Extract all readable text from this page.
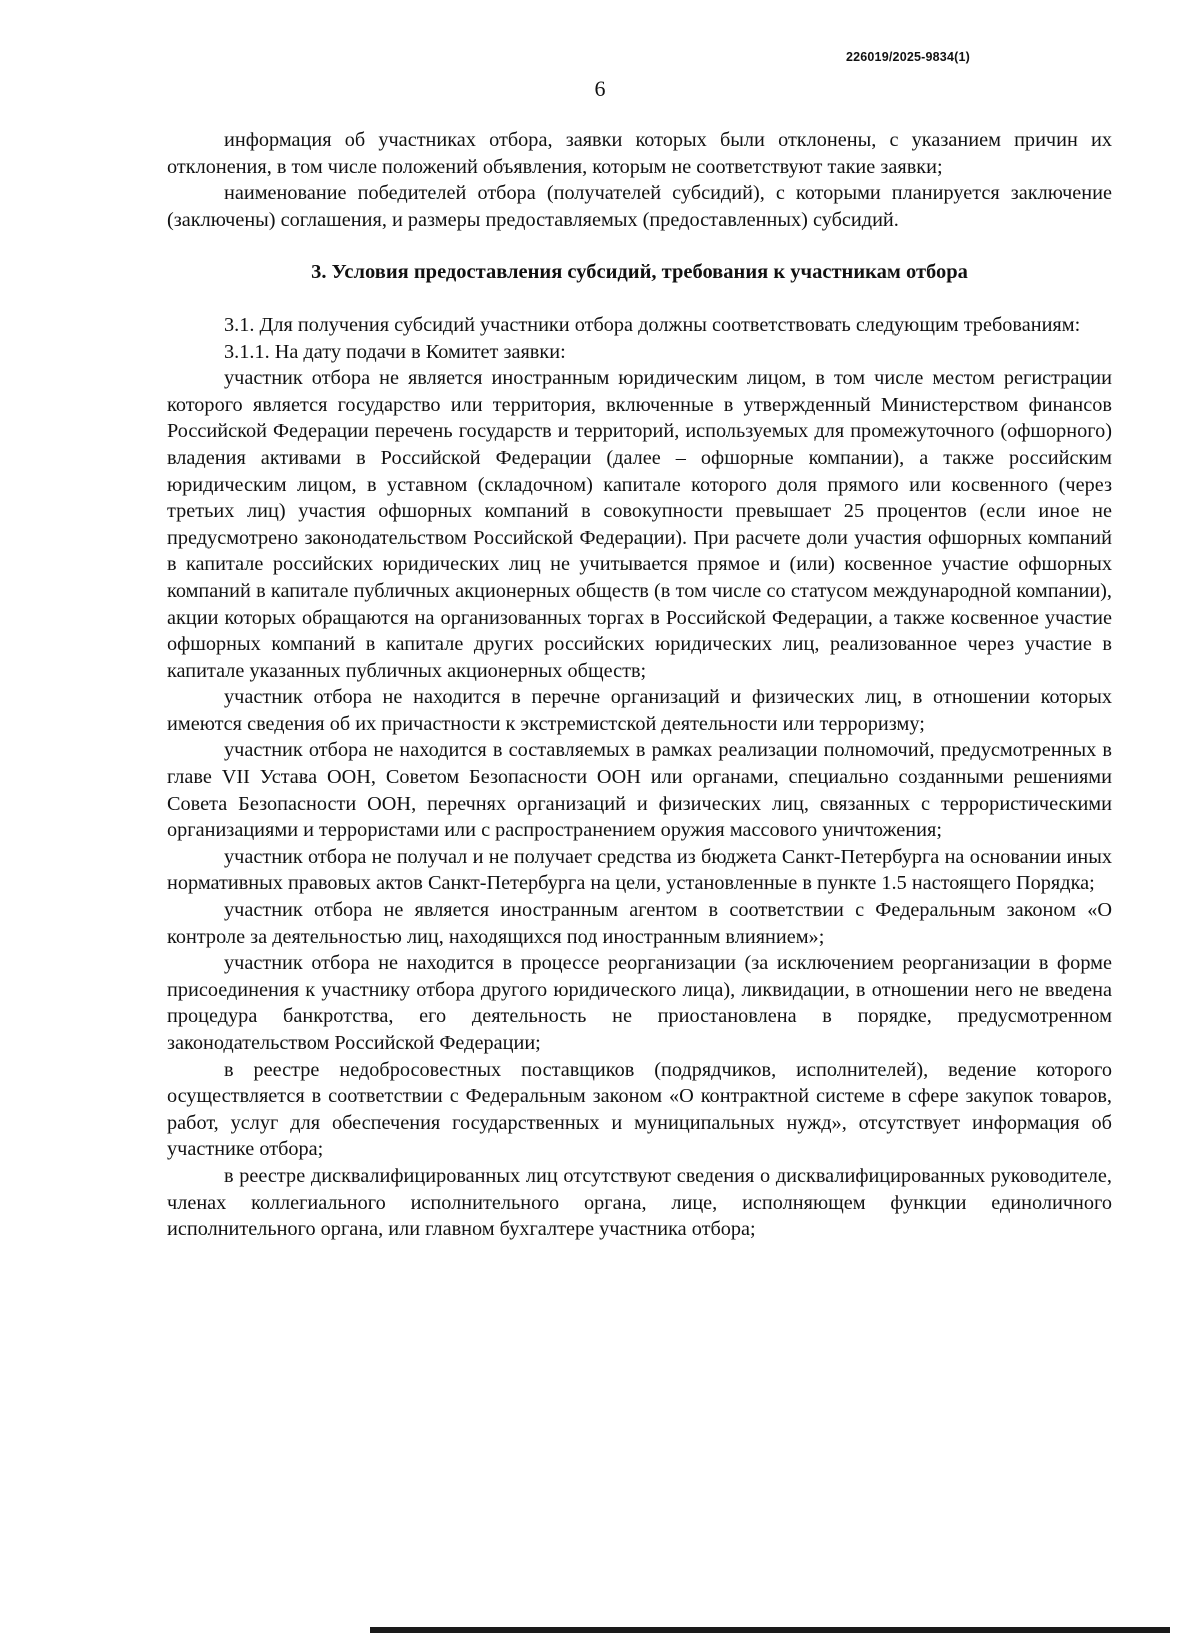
226019/2025-9834(1)
6

информация об участниках отбора, заявки которых были отклонены, с указанием причин их отклонения, в том числе положений объявления, которым не соответствуют такие заявки;

наименование победителей отбора (получателей субсидий), с которыми планируется заключение (заключены) соглашения, и размеры предоставляемых (предоставленных) субсидий.

3. Условия предоставления субсидий, требования к участникам отбора

3.1. Для получения субсидий участники отбора должны соответствовать следующим требованиям:

3.1.1. На дату подачи в Комитет заявки:

участник отбора не является иностранным юридическим лицом, в том числе местом регистрации которого является государство или территория, включенные в утвержденный Министерством финансов Российской Федерации перечень государств и территорий, используемых для промежуточного (офшорного) владения активами в Российской Федерации (далее – офшорные компании), а также российским юридическим лицом, в уставном (складочном) капитале которого доля прямого или косвенного (через третьих лиц) участия офшорных компаний в совокупности превышает 25 процентов (если иное не предусмотрено законодательством Российской Федерации). При расчете доли участия офшорных компаний в капитале российских юридических лиц не учитывается прямое и (или) косвенное участие офшорных компаний в капитале публичных акционерных обществ (в том числе со статусом международной компании), акции которых обращаются на организованных торгах в Российской Федерации, а также косвенное участие офшорных компаний в капитале других российских юридических лиц, реализованное через участие в капитале указанных публичных акционерных обществ;

участник отбора не находится в перечне организаций и физических лиц, в отношении которых имеются сведения об их причастности к экстремистской деятельности или терроризму;

участник отбора не находится в составляемых в рамках реализации полномочий, предусмотренных в главе VII Устава ООН, Советом Безопасности ООН или органами, специально созданными решениями Совета Безопасности ООН, перечнях организаций и физических лиц, связанных с террористическими организациями и террористами или с распространением оружия массового уничтожения;

участник отбора не получал и не получает средства из бюджета Санкт-Петербурга на основании иных нормативных правовых актов Санкт-Петербурга на цели, установленные в пункте 1.5 настоящего Порядка;

участник отбора не является иностранным агентом в соответствии с Федеральным законом «О контроле за деятельностью лиц, находящихся под иностранным влиянием»;

участник отбора не находится в процессе реорганизации (за исключением реорганизации в форме присоединения к участнику отбора другого юридического лица), ликвидации, в отношении него не введена процедура банкротства, его деятельность не приостановлена в порядке, предусмотренном законодательством Российской Федерации;

в реестре недобросовестных поставщиков (подрядчиков, исполнителей), ведение которого осуществляется в соответствии с Федеральным законом «О контрактной системе в сфере закупок товаров, работ, услуг для обеспечения государственных и муниципальных нужд», отсутствует информация об участнике отбора;

в реестре дисквалифицированных лиц отсутствуют сведения о дисквалифицированных руководителе, членах коллегиального исполнительного органа, лице, исполняющем функции единоличного исполнительного органа, или главном бухгалтере участника отбора;
